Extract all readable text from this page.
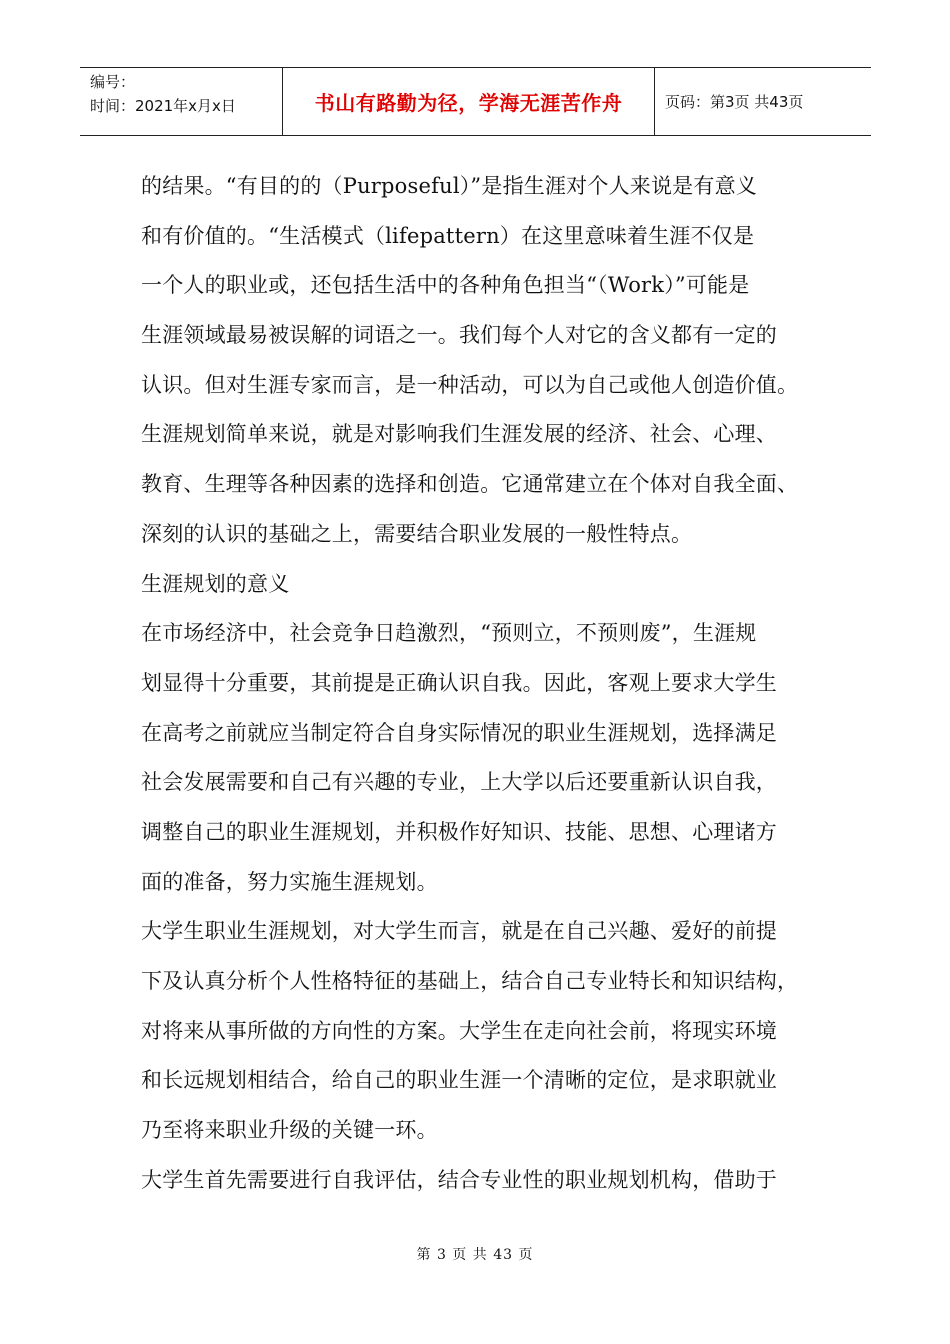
编号：
时间：2021年x月x日	书山有路勤为径，学海无涯苦作舟	页码：第3页 共43页
的结果。“有目的的（Purposeful）”是指生涯对个人来说是有意义
和有价值的。“生活模式（lifepattern）在这里意味着生涯不仅是
一个人的职业或，还包括生活中的各种角色担当“（Work）”可能是
生涯领域最易被误解的词语之一。我们每个人对它的含义都有一定的
认识。但对生涯专家而言，是一种活动，可以为自己或他人创造价值。
生涯规划简单来说，就是对影响我们生涯发展的经济、社会、心理、
教育、生理等各种因素的选择和创造。它通常建立在个体对自我全面、
深刻的认识的基础之上，需要结合职业发展的一般性特点。
生涯规划的意义
在市场经济中，社会竞争日趋激烈，“预则立，不预则废”，生涯规
划显得十分重要，其前提是正确认识自我。因此，客观上要求大学生
在高考之前就应当制定符合自身实际情况的职业生涯规划，选择满足
社会发展需要和自己有兴趣的专业，上大学以后还要重新认识自我，
调整自己的职业生涯规划，并积极作好知识、技能、思想、心理诸方
面的准备，努力实施生涯规划。
大学生职业生涯规划，对大学生而言，就是在自己兴趣、爱好的前提
下及认真分析个人性格特征的基础上，结合自己专业特长和知识结构，
对将来从事所做的方向性的方案。大学生在走向社会前，将现实环境
和长远规划相结合，给自己的职业生涯一个清晰的定位，是求职就业
乃至将来职业升级的关键一环。
大学生首先需要进行自我评估，结合专业性的职业规划机构，借助于
第 3 页 共 43 页
